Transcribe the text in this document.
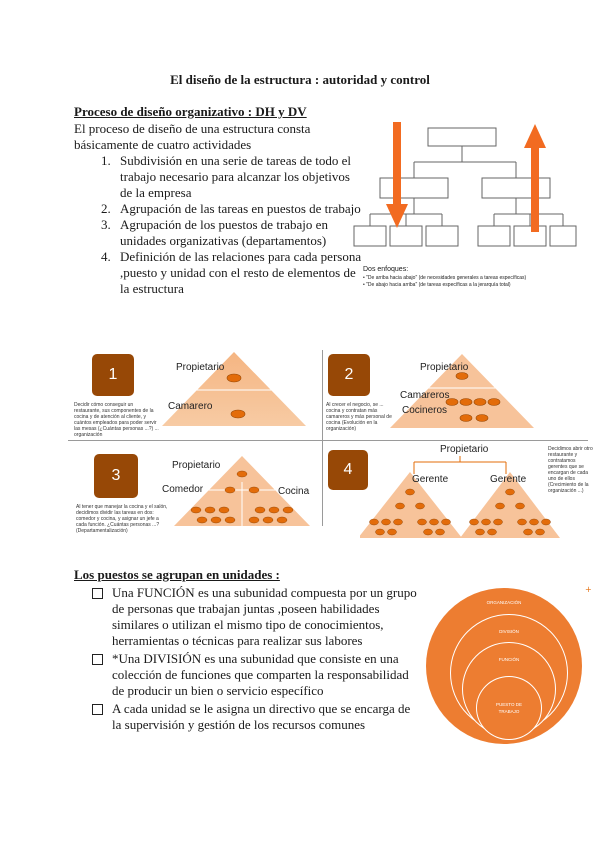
El diseño de la estructura : autoridad y control
Proceso de diseño organizativo : DH y DV
El proceso de diseño de una estructura consta
básicamente de cuatro actividades
1. Subdivisión en una serie de tareas de todo el trabajo necesario para alcanzar los objetivos de la empresa
2. Agrupación de las tareas en puestos de trabajo
3. Agrupación de los puestos de trabajo en unidades organizativas (departamentos)
4. Definición de las relaciones para cada persona ,puesto y unidad con el resto de elementos de la estructura
Dos enfoques:
• "De arriba hacia abajo" (de necesidades generales a tareas específicas)
• "De abajo hacia arriba" (de tareas específicas a la jerarquía total)
1	Propietario
Camarero
Decidir cómo conseguir un restaurante, sus componentes de la cocina y de atención al cliente, y cuántos empleados para poder servir las mesas (¿Cuántas personas ...?) ... organización
2	Propietario
Camareros
Cocineros
Al crecer el negocio, se ... cocina y contratan más camareros y más personal de cocina (Evolución en la organización)
3
Propietario
Comedor	Cocina
Al tener que manejar la cocina y el salón, decidimos dividir las tareas en dos: comedor y cocina, y asignar un jefe a cada función. ¿Cuántas personas ...? (Departamentalización)
4
Propietario
Gerente	Gerente
Decidimos abrir otro restaurante y contratamos gerentes que se encargan de cada uno de ellos (Crecimiento de la organización ...)
Los puestos se agrupan en unidades :
Una FUNCIÓN es una subunidad compuesta por un grupo de personas que trabajan juntas ,poseen habilidades similares o utilizan el mismo tipo de conocimientos, herramientas o técnicas para realizar sus labores
*Una DIVISIÓN es una subunidad que consiste en una colección de funciones que comparten la responsabilidad de producir un bien o servicio específico
A cada unidad se le asigna un directivo que se encarga de la supervisión y gestión de los recursos comunes
+
ORGANIZACIÓN
DIVISIÓN
FUNCIÓN
PUESTO DE TRABAJO
